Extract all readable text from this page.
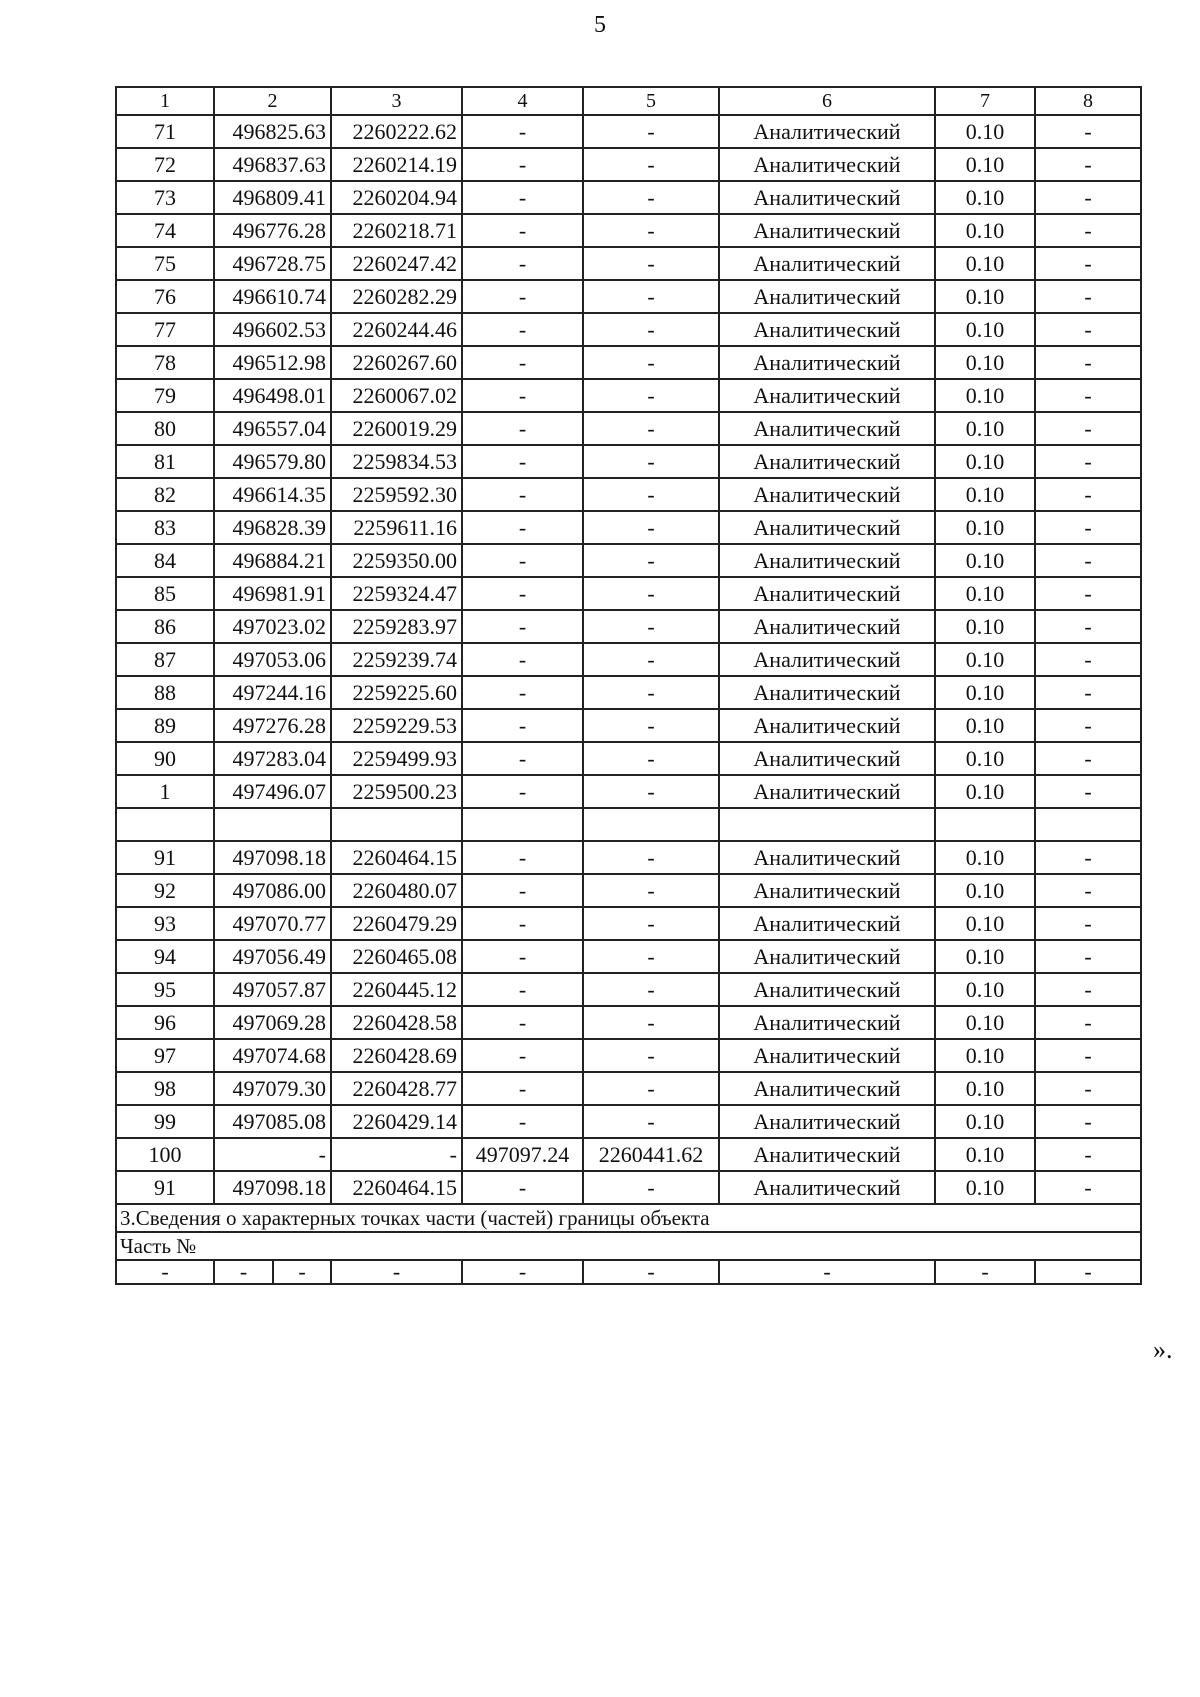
5
1	2		3	4	5	6	7	8
71	496825.63		2260222.62	-	-	Аналитический	0.10	-
72	496837.63		2260214.19	-	-	Аналитический	0.10	-
73	496809.41		2260204.94	-	-	Аналитический	0.10	-
74	496776.28		2260218.71	-	-	Аналитический	0.10	-
75	496728.75		2260247.42	-	-	Аналитический	0.10	-
76	496610.74		2260282.29	-	-	Аналитический	0.10	-
77	496602.53		2260244.46	-	-	Аналитический	0.10	-
78	496512.98		2260267.60	-	-	Аналитический	0.10	-
79	496498.01		2260067.02	-	-	Аналитический	0.10	-
80	496557.04		2260019.29	-	-	Аналитический	0.10	-
81	496579.80		2259834.53	-	-	Аналитический	0.10	-
82	496614.35		2259592.30	-	-	Аналитический	0.10	-
83	496828.39		2259611.16	-	-	Аналитический	0.10	-
84	496884.21		2259350.00	-	-	Аналитический	0.10	-
85	496981.91		2259324.47	-	-	Аналитический	0.10	-
86	497023.02		2259283.97	-	-	Аналитический	0.10	-
87	497053.06		2259239.74	-	-	Аналитический	0.10	-
88	497244.16		2259225.60	-	-	Аналитический	0.10	-
89	497276.28		2259229.53	-	-	Аналитический	0.10	-
90	497283.04		2259499.93	-	-	Аналитический	0.10	-
1	497496.07		2259500.23	-	-	Аналитический	0.10	-

91	497098.18		2260464.15	-	-	Аналитический	0.10	-
92	497086.00		2260480.07	-	-	Аналитический	0.10	-
93	497070.77		2260479.29	-	-	Аналитический	0.10	-
94	497056.49		2260465.08	-	-	Аналитический	0.10	-
95	497057.87		2260445.12	-	-	Аналитический	0.10	-
96	497069.28		2260428.58	-	-	Аналитический	0.10	-
97	497074.68		2260428.69	-	-	Аналитический	0.10	-
98	497079.30		2260428.77	-	-	Аналитический	0.10	-
99	497085.08		2260429.14	-	-	Аналитический	0.10	-
100	-		-	497097.24	2260441.62	Аналитический	0.10	-
91	497098.18		2260464.15	-	-	Аналитический	0.10	-
3.Сведения о характерных точках части (частей) границы объекта								
Часть №								
-	-	-	-	-	-	-	-	-
».
